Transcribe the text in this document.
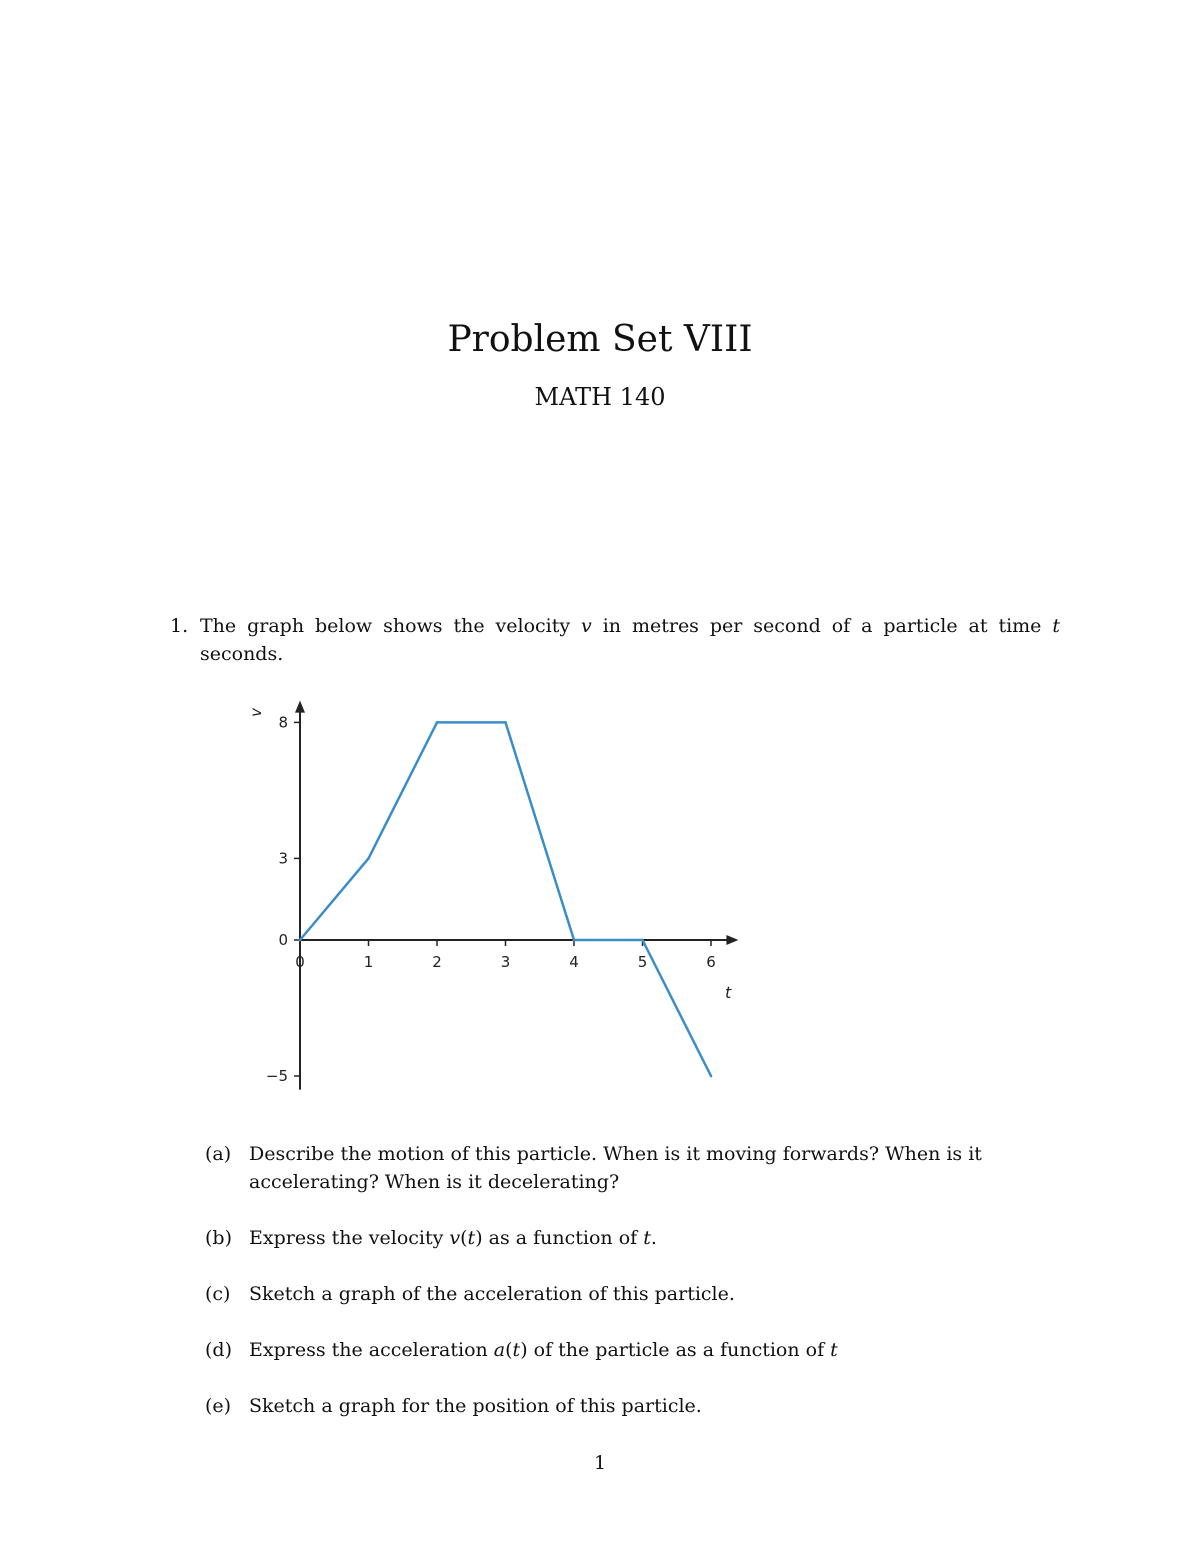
Problem Set VIII
MATH 140
1. The graph below shows the velocity v in metres per second of a particle at time t seconds.
0	1	2	3	4	5	6
8
3
0
−5
t
v
(a) Describe the motion of this particle. When is it moving forwards? When is it accelerating? When is it decelerating?
(b) Express the velocity v(t) as a function of t.
(c) Sketch a graph of the acceleration of this particle.
(d) Express the acceleration a(t) of the particle as a function of t
(e) Sketch a graph for the position of this particle.
1
